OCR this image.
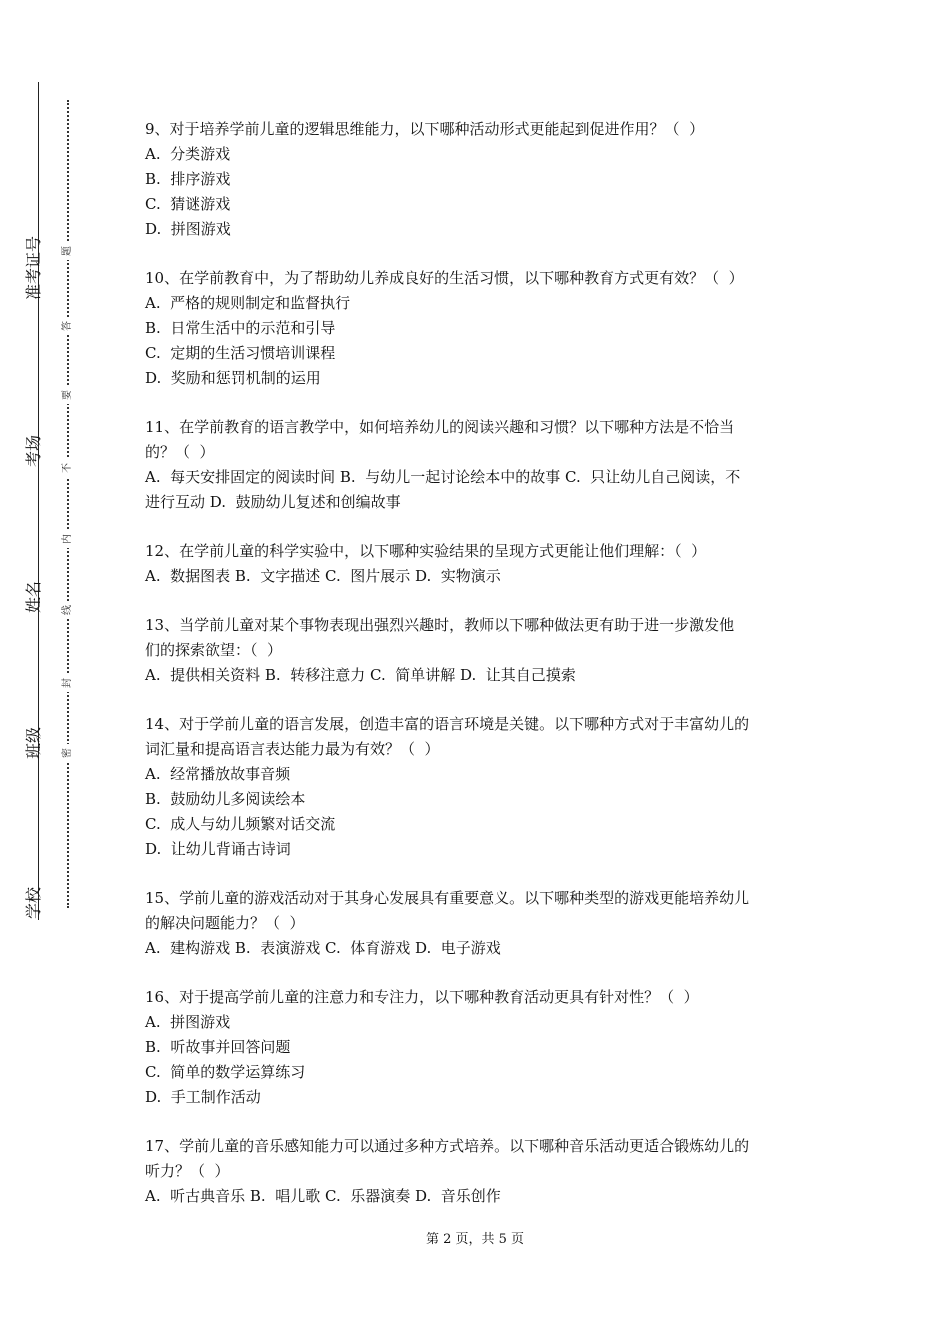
准考证号
考场
姓名
班级
学校
题
答
要
不
内
线
封
密
9、对于培养学前儿童的逻辑思维能力，以下哪种活动形式更能起到促进作用？（  ）
A.  分类游戏
B.  排序游戏
C.  猜谜游戏
D.  拼图游戏
10、在学前教育中，为了帮助幼儿养成良好的生活习惯，以下哪种教育方式更有效？（  ）
A.  严格的规则制定和监督执行
B.  日常生活中的示范和引导
C.  定期的生活习惯培训课程
D.  奖励和惩罚机制的运用
11、在学前教育的语言教学中，如何培养幼儿的阅读兴趣和习惯？以下哪种方法是不恰当
的？（  ）
A.  每天安排固定的阅读时间 B.  与幼儿一起讨论绘本中的故事 C.  只让幼儿自己阅读，不
进行互动 D.  鼓励幼儿复述和创编故事
12、在学前儿童的科学实验中，以下哪种实验结果的呈现方式更能让他们理解：（  ）
A.  数据图表 B.  文字描述 C.  图片展示 D.  实物演示
13、当学前儿童对某个事物表现出强烈兴趣时，教师以下哪种做法更有助于进一步激发他
们的探索欲望：（  ）
A.  提供相关资料 B.  转移注意力 C.  简单讲解 D.  让其自己摸索
14、对于学前儿童的语言发展，创造丰富的语言环境是关键。以下哪种方式对于丰富幼儿的
词汇量和提高语言表达能力最为有效？（  ）
A.  经常播放故事音频
B.  鼓励幼儿多阅读绘本
C.  成人与幼儿频繁对话交流
D.  让幼儿背诵古诗词
15、学前儿童的游戏活动对于其身心发展具有重要意义。以下哪种类型的游戏更能培养幼儿
的解决问题能力？（  ）
A.  建构游戏 B.  表演游戏 C.  体育游戏 D.  电子游戏
16、对于提高学前儿童的注意力和专注力，以下哪种教育活动更具有针对性？（  ）
A.  拼图游戏
B.  听故事并回答问题
C.  简单的数学运算练习
D.  手工制作活动
17、学前儿童的音乐感知能力可以通过多种方式培养。以下哪种音乐活动更适合锻炼幼儿的
听力？（  ）
A.  听古典音乐 B.  唱儿歌 C.  乐器演奏 D.  音乐创作
第 2 页，共 5 页
